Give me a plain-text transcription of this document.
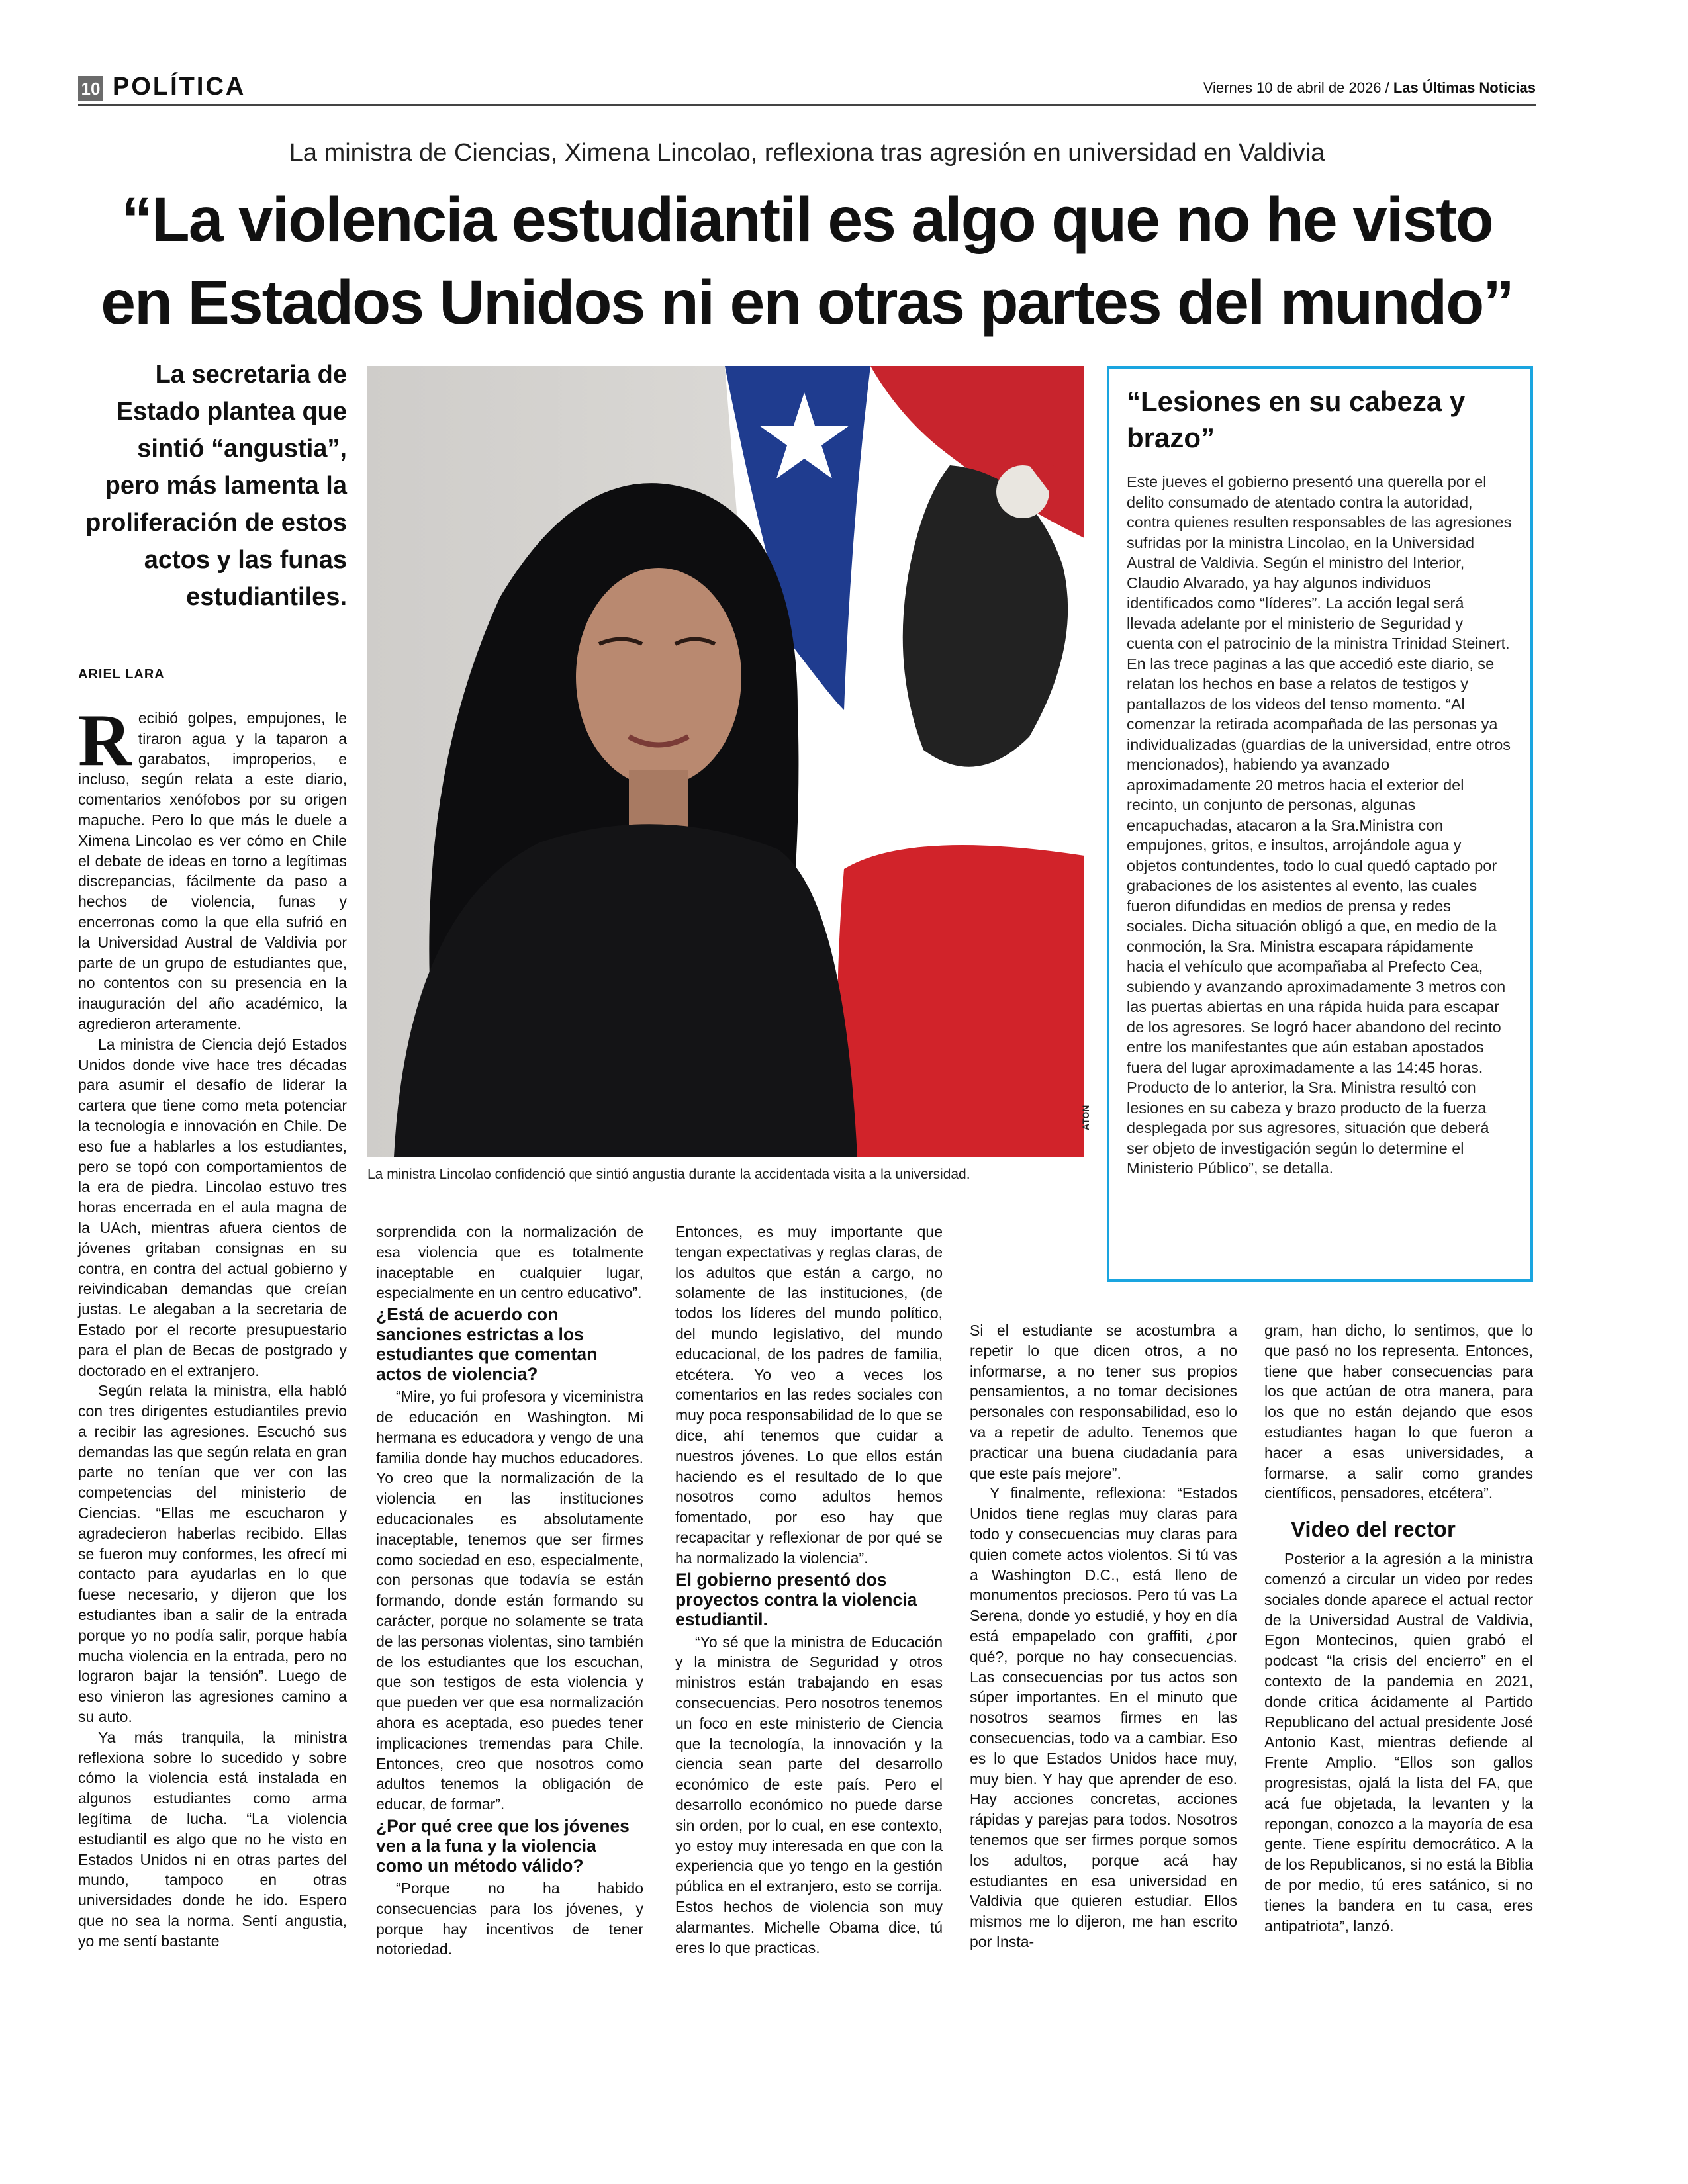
10 POLÍTICA	Viernes 10 de abril de 2026 / Las Últimas Noticias
La ministra de Ciencias, Ximena Lincolao, reflexiona tras agresión en universidad en Valdivia
“La violencia estudiantil es algo que no he visto
en Estados Unidos ni en otras partes del mundo”
La secretaria de Estado plantea que sintió “angustia”, pero más lamenta la proliferación de estos actos y las funas estudiantiles.
ARIEL LARA
ATON
La ministra Lincolao confidenció que sintió angustia durante la accidentada visita a la universidad.
“Lesiones en su cabeza y brazo”
Este jueves el gobierno presentó una querella por el delito consumado de atentado contra la autoridad, contra quienes resulten responsables de las agresiones sufridas por la ministra Lincolao, en la Universidad Austral de Valdivia. Según el ministro del Interior, Claudio Alvarado, ya hay algunos individuos identificados como “líderes”. La acción legal será llevada adelante por el ministerio de Seguridad y cuenta con el patrocinio de la ministra Trinidad Steinert. En las trece paginas a las que accedió este diario, se relatan los hechos en base a relatos de testigos y pantallazos de los videos del tenso momento. “Al comenzar la retirada acompañada de las personas ya individualizadas (guardias de la universidad, entre otros mencionados), habiendo ya avanzado aproximadamente 20 metros hacia el exterior del recinto, un conjunto de personas, algunas encapuchadas, atacaron a la Sra.Ministra con empujones, gritos, e insultos, arrojándole agua y objetos contundentes, todo lo cual quedó captado por grabaciones de los asistentes al evento, las cuales fueron difundidas en medios de prensa y redes sociales. Dicha situación obligó a que, en medio de la conmoción, la Sra. Ministra escapara rápidamente hacia el vehículo que acompañaba al Prefecto Cea, subiendo y avanzando aproximadamente 3 metros con las puertas abiertas en una rápida huida para escapar de los agresores. Se logró hacer abandono del recinto entre los manifestantes que aún estaban apostados fuera del lugar aproximadamente a las 14:45 horas. Producto de lo anterior, la Sra. Ministra resultó con lesiones en su cabeza y brazo producto de la fuerza desplegada por sus agresores, situación que deberá ser objeto de investigación según lo determine el Ministerio Público”, se detalla.

Recibió golpes, empujones, le tiraron agua y la taparon a garabatos, improperios, e incluso, según relata a este diario, comentarios xenófobos por su origen mapuche. Pero lo que más le duele a Ximena Lincolao es ver cómo en Chile el debate de ideas en torno a legítimas discrepancias, fácilmente da paso a hechos de violencia, funas y encerronas como la que ella sufrió en la Universidad Austral de Valdivia por parte de un grupo de estudiantes que, no contentos con su presencia en la inauguración del año académico, la agredieron arteramente.

La ministra de Ciencia dejó Estados Unidos donde vive hace tres décadas para asumir el desafío de liderar la cartera que tiene como meta potenciar la tecnología e innovación en Chile. De eso fue a hablarles a los estudiantes, pero se topó con comportamientos de la era de piedra. Lincolao estuvo tres horas encerrada en el aula magna de la UAch, mientras afuera cientos de jóvenes gritaban consignas en su contra, en contra del actual gobierno y reivindicaban demandas que creían justas. Le alegaban a la secretaria de Estado por el recorte presupuestario para el plan de Becas de postgrado y doctorado en el extranjero.

Según relata la ministra, ella habló con tres dirigentes estudiantiles previo a recibir las agresiones. Escuchó sus demandas las que según relata en gran parte no tenían que ver con las competencias del ministerio de Ciencias. “Ellas me escucharon y agradecieron haberlas recibido. Ellas se fueron muy conformes, les ofrecí mi contacto para ayudarlas en lo que fuese necesario, y dijeron que los estudiantes iban a salir de la entrada porque yo no podía salir, porque había mucha violencia en la entrada, pero no lograron bajar la tensión”. Luego de eso vinieron las agresiones camino a su auto.

Ya más tranquila, la ministra reflexiona sobre lo sucedido y sobre cómo la violencia está instalada en algunos estudiantes como arma legítima de lucha. “La violencia estudiantil es algo que no he visto en Estados Unidos ni en otras partes del mundo, tampoco en otras universidades donde he ido. Espero que no sea la norma. Sentí angustia, yo me sentí bastante

sorprendida con la normalización de esa violencia que es totalmente inaceptable en cualquier lugar, especialmente en un centro educativo”.

¿Está de acuerdo con sanciones estrictas a los estudiantes que comentan actos de violencia?

“Mire, yo fui profesora y viceministra de educación en Washington. Mi hermana es educadora y vengo de una familia donde hay muchos educadores. Yo creo que la normalización de la violencia en las instituciones educacionales es absolutamente inaceptable, tenemos que ser firmes como sociedad en eso, especialmente, con personas que todavía se están formando, donde están formando su carácter, porque no solamente se trata de las personas violentas, sino también de los estudiantes que los escuchan, que son testigos de esta violencia y que pueden ver que esa normalización ahora es aceptada, eso puedes tener implicaciones tremendas para Chile. Entonces, creo que nosotros como adultos tenemos la obligación de educar, de formar”.

¿Por qué cree que los jóvenes ven a la funa y la violencia como un método válido?

“Porque no ha habido consecuencias para los jóvenes, y porque hay incentivos de tener notoriedad.

Entonces, es muy importante que tengan expectativas y reglas claras, de los adultos que están a cargo, no solamente de las instituciones, (de todos los líderes del mundo político, del mundo legislativo, del mundo educacional, de los padres de familia, etcétera. Yo veo a veces los comentarios en las redes sociales con muy poca responsabilidad de lo que se dice, ahí tenemos que cuidar a nuestros jóvenes. Lo que ellos están haciendo es el resultado de lo que nosotros como adultos hemos fomentado, por eso hay que recapacitar y reflexionar de por qué se ha normalizado la violencia”.

El gobierno presentó dos proyectos contra la violencia estudiantil.

“Yo sé que la ministra de Educación y la ministra de Seguridad y otros ministros están trabajando en esas consecuencias. Pero nosotros tenemos un foco en este ministerio de Ciencia que la tecnología, la innovación y la ciencia sean parte del desarrollo económico de este país. Pero el desarrollo económico no puede darse sin orden, por lo cual, en ese contexto, yo estoy muy interesada en que con la experiencia que yo tengo en la gestión pública en el extranjero, esto se corrija. Estos hechos de violencia son muy alarmantes. Michelle Obama dice, tú eres lo que practicas.

Si el estudiante se acostumbra a repetir lo que dicen otros, a no informarse, a no tener sus propios pensamientos, a no tomar decisiones personales con responsabilidad, eso lo va a repetir de adulto. Tenemos que practicar una buena ciudadanía para que este país mejore”.

Y finalmente, reflexiona: “Estados Unidos tiene reglas muy claras para todo y consecuencias muy claras para quien comete actos violentos. Si tú vas a Washington D.C., está lleno de monumentos preciosos. Pero tú vas La Serena, donde yo estudié, y hoy en día está empapelado con graffiti, ¿por qué?, porque no hay consecuencias. Las consecuencias por tus actos son súper importantes. En el minuto que nosotros seamos firmes en las consecuencias, todo va a cambiar. Eso es lo que Estados Unidos hace muy, muy bien. Y hay que aprender de eso. Hay acciones concretas, acciones rápidas y parejas para todos. Nosotros tenemos que ser firmes porque somos los adultos, porque acá hay estudiantes en esa universidad en Valdivia que quieren estudiar. Ellos mismos me lo dijeron, me han escrito por Insta-

gram, han dicho, lo sentimos, que lo que pasó no los representa. Entonces, tiene que haber consecuencias para los que actúan de otra manera, para los que no están dejando que esos estudiantes hagan lo que fueron a hacer a esas universidades, a formarse, a salir como grandes científicos, pensadores, etcétera”.

Video del rector

Posterior a la agresión a la ministra comenzó a circular un video por redes sociales donde aparece el actual rector de la Universidad Austral de Valdivia, Egon Montecinos, quien grabó el podcast “la crisis del encierro” en el contexto de la pandemia en 2021, donde critica ácidamente al Partido Republicano del actual presidente José Antonio Kast, mientras defiende al Frente Amplio. “Ellos son gallos progresistas, ojalá la lista del FA, que acá fue objetada, la levanten y la repongan, conozco a la mayoría de esa gente. Tiene espíritu democrático. A la de los Republicanos, si no está la Biblia de por medio, tú eres satánico, si no tienes la bandera en tu casa, eres antipatriota”, lanzó.
